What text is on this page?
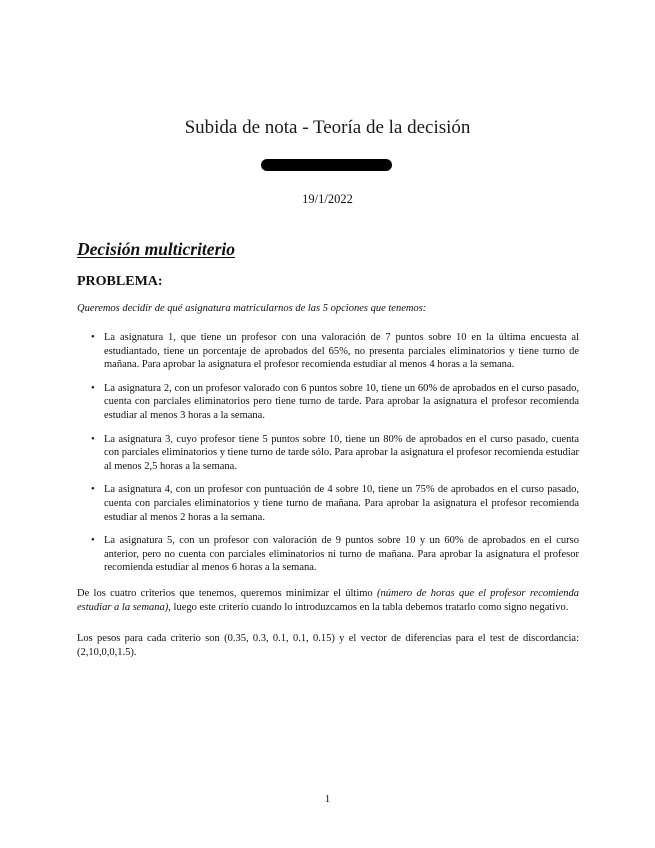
Subida de nota - Teoría de la decisión
19/1/2022
Decisión multicriterio
PROBLEMA:
Queremos decidir de qué asignatura matricularnos de las 5 opciones que tenemos:
• La asignatura 1, que tiene un profesor con una valoración de 7 puntos sobre 10 en la última encuesta al estudiantado, tiene un porcentaje de aprobados del 65%, no presenta parciales eliminatorios y tiene turno de mañana. Para aprobar la asignatura el profesor recomienda estudiar al menos 4 horas a la semana.
• La asignatura 2, con un profesor valorado con 6 puntos sobre 10, tiene un 60% de aprobados en el curso pasado, cuenta con parciales eliminatorios pero tiene turno de tarde. Para aprobar la asignatura el profesor recomienda estudiar al menos 3 horas a la semana.
• La asignatura 3, cuyo profesor tiene 5 puntos sobre 10, tiene un 80% de aprobados en el curso pasado, cuenta con parciales eliminatorios y tiene turno de tarde sólo. Para aprobar la asignatura el profesor recomienda estudiar al menos 2,5 horas a la semana.
• La asignatura 4, con un profesor con puntuación de 4 sobre 10, tiene un 75% de aprobados en el curso pasado, cuenta con parciales eliminatorios y tiene turno de mañana. Para aprobar la asignatura el profesor recomienda estudiar al menos 2 horas a la semana.
• La asignatura 5, con un profesor con valoración de 9 puntos sobre 10 y un 60% de aprobados en el curso anterior, pero no cuenta con parciales eliminatorios ni turno de mañana. Para aprobar la asignatura el profesor recomienda estudiar al menos 6 horas a la semana.
De los cuatro criterios que tenemos, queremos minimizar el último (número de horas que el profesor recomienda estudiar a la semana), luego este criterio cuando lo introduzcamos en la tabla debemos tratarlo como signo negativo.
Los pesos para cada criterio son (0.35, 0.3, 0.1, 0.1, 0.15) y el vector de diferencias para el test de discordancia: (2,10,0,0,1.5).
1
